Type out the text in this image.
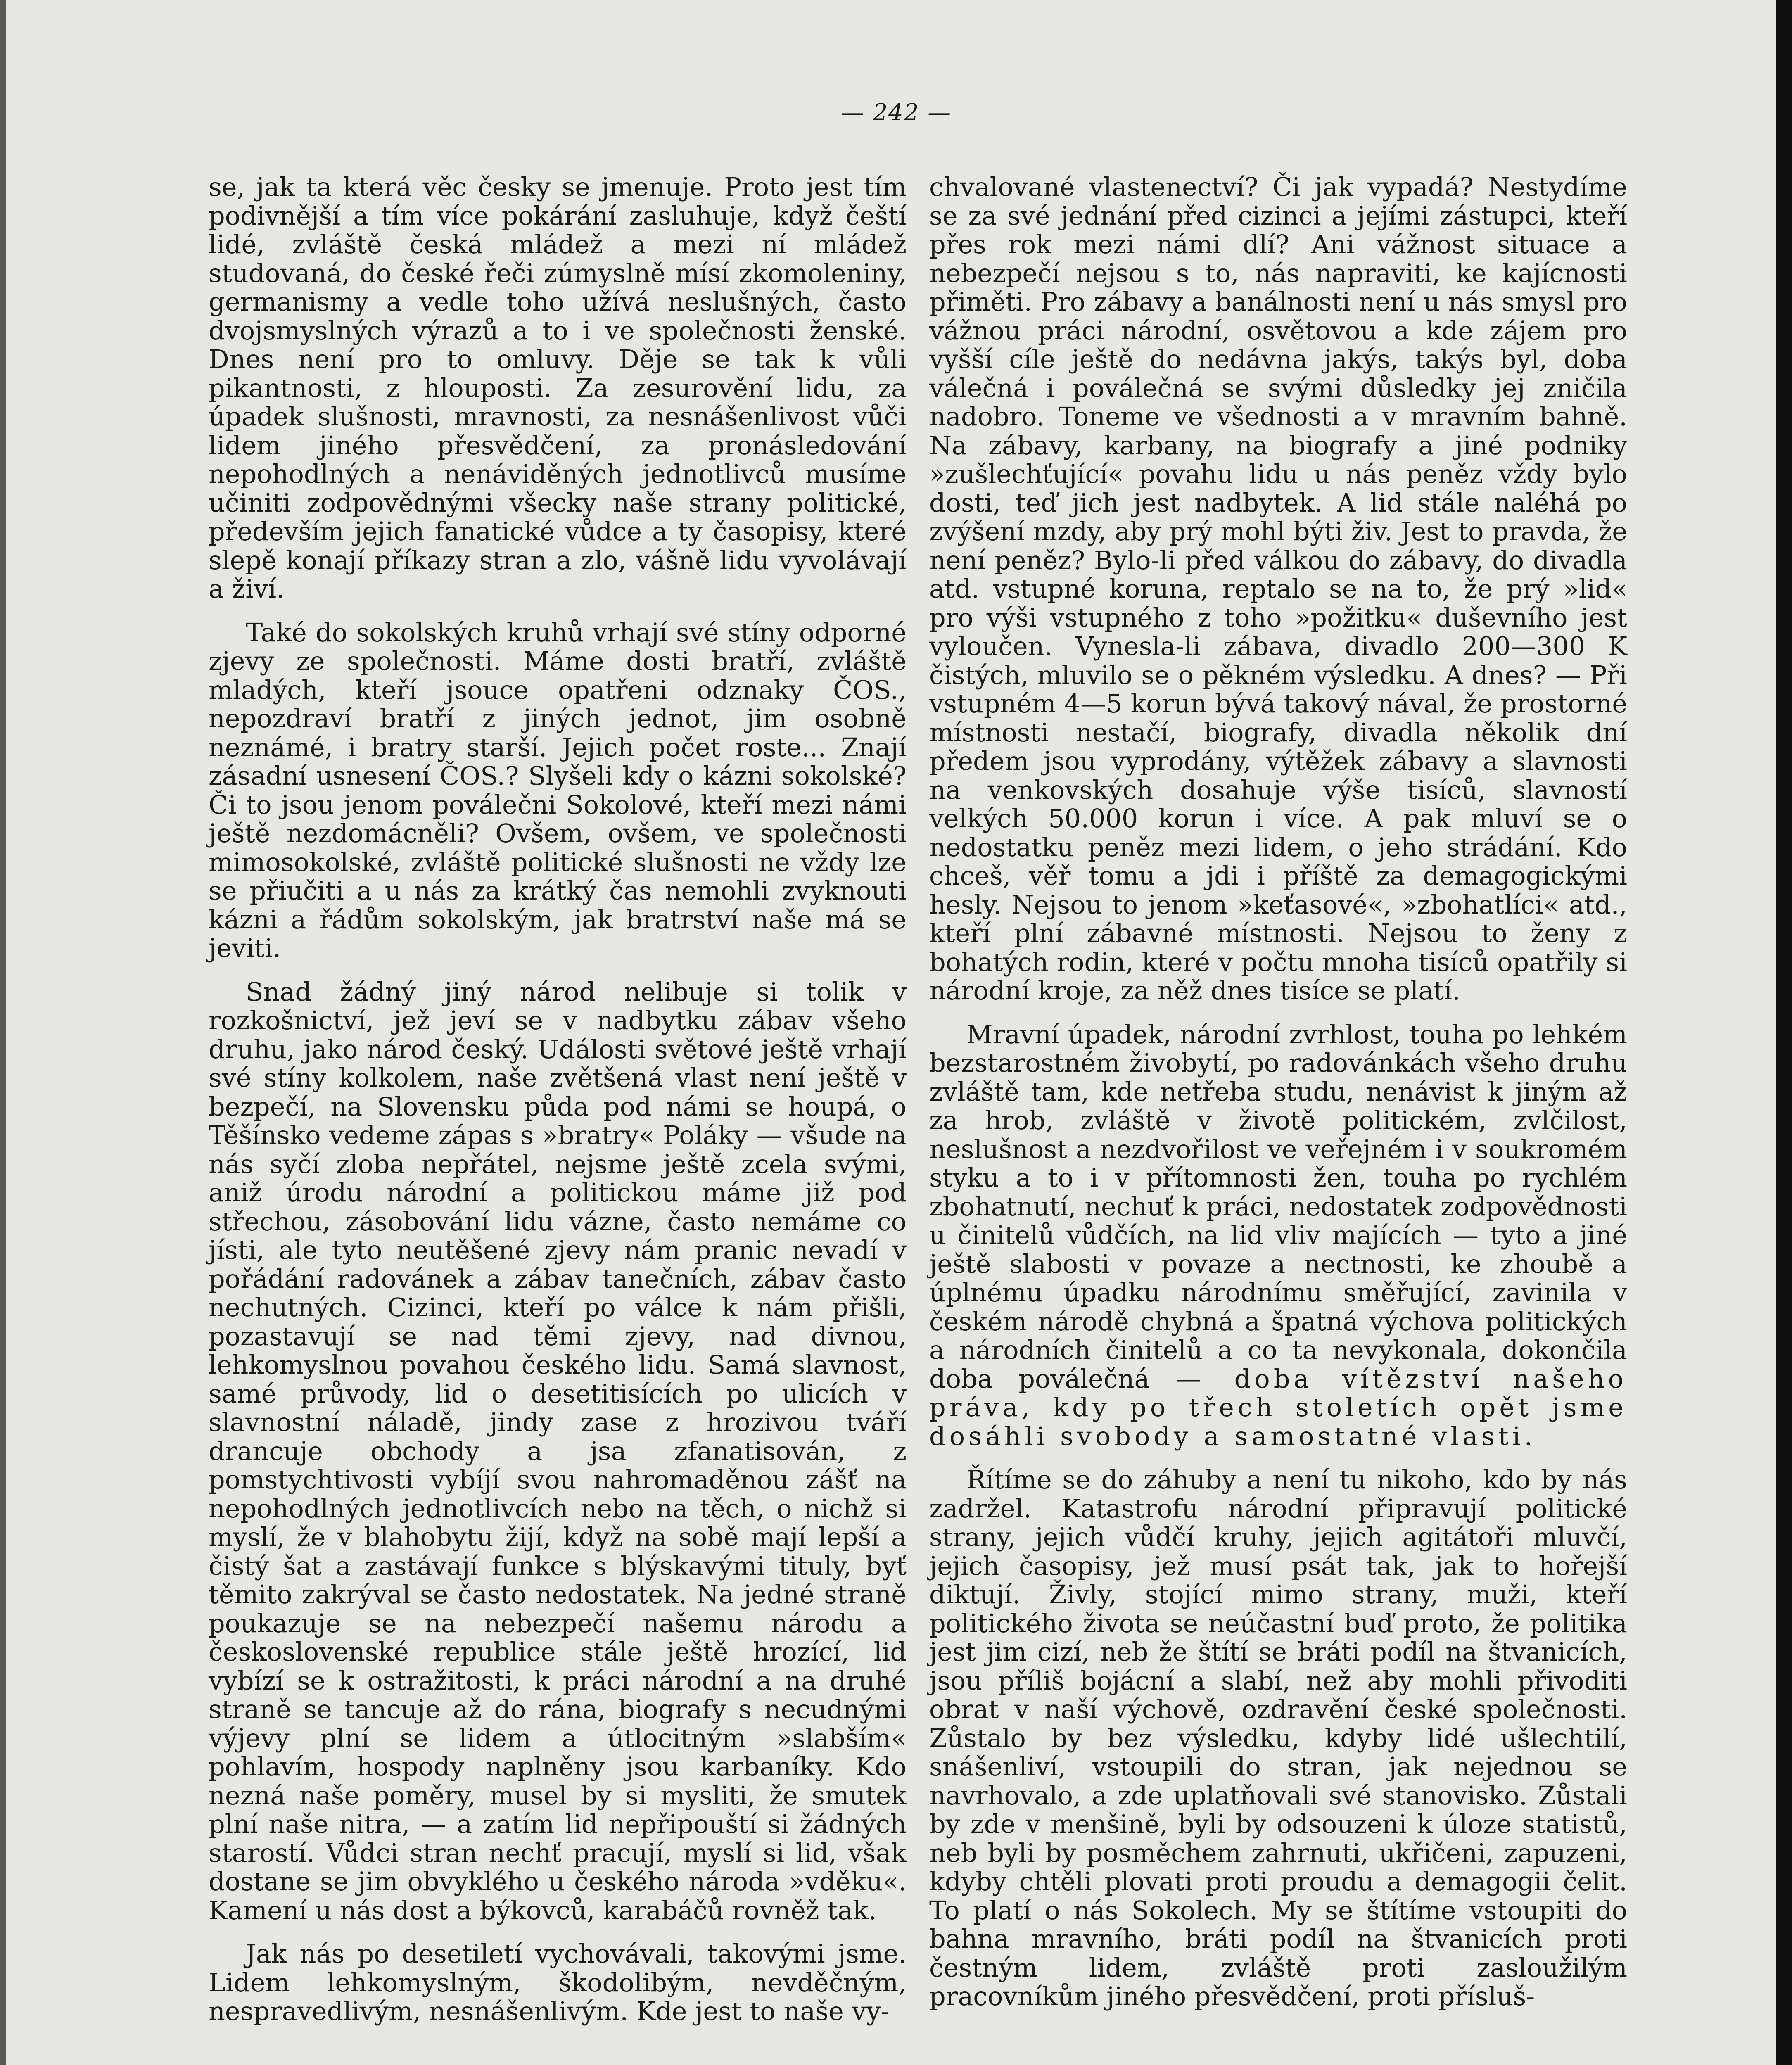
— 242 —

se, jak ta která věc česky se jmenuje. Proto jest tím podivnější a tím více pokárání zasluhuje, když čeští lidé, zvláště česká mládež a mezi ní mládež studovaná, do české řeči zúmyslně mísí zkomoleniny, germanismy a vedle toho užívá neslušných, často dvojsmyslných výrazů a to i ve společnosti ženské. Dnes není pro to omluvy. Děje se tak k vůli pikantnosti, z hlouposti. Za zesurovění lidu, za úpadek slušnosti, mravnosti, za nesnášenlivost vůči lidem jiného přesvědčení, za pronásledování nepohodlných a nenáviděných jednotlivců musíme učiniti zodpovědnými všecky naše strany politické, především jejich fanatické vůdce a ty časopisy, které slepě konají příkazy stran a zlo, vášně lidu vyvolávají a živí.

Také do sokolských kruhů vrhají své stíny odporné zjevy ze společnosti. Máme dosti bratří, zvláště mladých, kteří jsouce opatřeni odznaky ČOS., nepozdraví bratří z jiných jednot, jim osobně neznámé, i bratry starší. Jejich počet roste... Znají zásadní usnesení ČOS.? Slyšeli kdy o kázni sokolské? Či to jsou jenom poválečni Sokolové, kteří mezi námi ještě nezdomácněli? Ovšem, ovšem, ve společnosti mimosokolské, zvláště politické slušnosti ne vždy lze se přiučiti a u nás za krátký čas nemohli zvyknouti kázni a řádům sokolským, jak bratrství naše má se jeviti.

Snad žádný jiný národ nelibuje si tolik v rozkošnictví, jež jeví se v nadbytku zábav všeho druhu, jako národ český. Události světové ještě vrhají své stíny kolkolem, naše zvětšená vlast není ještě v bezpečí, na Slovensku půda pod námi se houpá, o Těšínsko vedeme zápas s »bratry« Poláky — všude na nás syčí zloba nepřátel, nejsme ještě zcela svými, aniž úrodu národní a politickou máme již pod střechou, zásobování lidu vázne, často nemáme co jísti, ale tyto neutěšené zjevy nám pranic nevadí v pořádání radovánek a zábav tanečních, zábav často nechutných. Cizinci, kteří po válce k nám přišli, pozastavují se nad těmi zjevy, nad divnou, lehkomyslnou povahou českého lidu. Samá slavnost, samé průvody, lid o desetitisících po ulicích v slavnostní náladě, jindy zase z hrozivou tváří drancuje obchody a jsa zfanatisován, z pomstychtivosti vybíjí svou nahromaděnou zášť na nepohodlných jednotlivcích nebo na těch, o nichž si myslí, že v blahobytu žijí, když na sobě mají lepší a čistý šat a zastávají funkce s blýskavými tituly, byť těmito zakrýval se často nedostatek. Na jedné straně poukazuje se na nebezpečí našemu národu a československé republice stále ještě hrozící, lid vybízí se k ostražitosti, k práci národní a na druhé straně se tancuje až do rána, biografy s necudnými výjevy plní se lidem a útlocitným »slabším« pohlavím, hospody naplněny jsou karbaníky. Kdo nezná naše poměry, musel by si mysliti, že smutek plní naše nitra, — a zatím lid nepřipouští si žádných starostí. Vůdci stran nechť pracují, myslí si lid, však dostane se jim obvyklého u českého národa »vděku«. Kamení u nás dost a býkovců, karabáčů rovněž tak.

Jak nás po desetiletí vychovávali, takovými jsme. Lidem lehkomyslným, škodolibým, nevděčným, nespravedlivým, nesnášenlivým. Kde jest to naše vy-

chvalované vlastenectví? Či jak vypadá? Nestydíme se za své jednání před cizinci a jejími zástupci, kteří přes rok mezi námi dlí? Ani vážnost situace a nebezpečí nejsou s to, nás napraviti, ke kajícnosti přiměti. Pro zábavy a banálnosti není u nás smysl pro vážnou práci národní, osvětovou a kde zájem pro vyšší cíle ještě do nedávna jakýs, takýs byl, doba válečná i poválečná se svými důsledky jej zničila nadobro. Toneme ve všednosti a v mravním bahně. Na zábavy, karbany, na biografy a jiné podniky »zušlechťující« povahu lidu u nás peněz vždy bylo dosti, teď jich jest nadbytek. A lid stále naléhá po zvýšení mzdy, aby prý mohl býti živ. Jest to pravda, že není peněz? Bylo-li před válkou do zábavy, do divadla atd. vstupné koruna, reptalo se na to, že prý »lid« pro výši vstupného z toho »požitku« duševního jest vyloučen. Vynesla-li zábava, divadlo 200—300 K čistých, mluvilo se o pěkném výsledku. A dnes? — Při vstupném 4—5 korun bývá takový nával, že prostorné místnosti nestačí, biografy, divadla několik dní předem jsou vyprodány, výtěžek zábavy a slavnosti na venkovských dosahuje výše tisíců, slavností velkých 50.000 korun i více. A pak mluví se o nedostatku peněz mezi lidem, o jeho strádání. Kdo chceš, věř tomu a jdi i příště za demagogickými hesly. Nejsou to jenom »keťasové«, »zbohatlíci« atd., kteří plní zábavné místnosti. Nejsou to ženy z bohatých rodin, které v počtu mnoha tisíců opatřily si národní kroje, za něž dnes tisíce se platí.

Mravní úpadek, národní zvrhlost, touha po lehkém bezstarostném živobytí, po radovánkách všeho druhu zvláště tam, kde netřeba studu, nenávist k jiným až za hrob, zvláště v životě politickém, zvlčilost, neslušnost a nezdvořilost ve veřejném i v soukromém styku a to i v přítomnosti žen, touha po rychlém zbohatnutí, nechuť k práci, nedostatek zodpovědnosti u činitelů vůdčích, na lid vliv majících — tyto a jiné ještě slabosti v povaze a nectnosti, ke zhoubě a úplnému úpadku národnímu směřující, zavinila v českém národě chybná a špatná výchova politických a národních činitelů a co ta nevykonala, dokončila doba poválečná — doba vítězství našeho práva, kdy po třech stoletích opět jsme dosáhli svobody a samostatné vlasti.

Řítíme se do záhuby a není tu nikoho, kdo by nás zadržel. Katastrofu národní připravují politické strany, jejich vůdčí kruhy, jejich agitátoři mluvčí, jejich časopisy, jež musí psát tak, jak to hořejší diktují. Živly, stojící mimo strany, muži, kteří politického života se neúčastní buď proto, že politika jest jim cizí, neb že štítí se bráti podíl na štvanicích, jsou příliš bojácní a slabí, než aby mohli přivoditi obrat v naší výchově, ozdravění české společnosti. Zůstalo by bez výsledku, kdyby lidé ušlechtilí, snášenliví, vstoupili do stran, jak nejednou se navrhovalo, a zde uplatňovali své stanovisko. Zůstali by zde v menšině, byli by odsouzeni k úloze statistů, neb byli by posměchem zahrnuti, ukřičeni, zapuzeni, kdyby chtěli plovati proti proudu a demagogii čelit. To platí o nás Sokolech. My se štítíme vstoupiti do bahna mravního, bráti podíl na štvanicích proti čestným lidem, zvláště proti zasloužilým pracovníkům jiného přesvědčení, proti přísluš-
